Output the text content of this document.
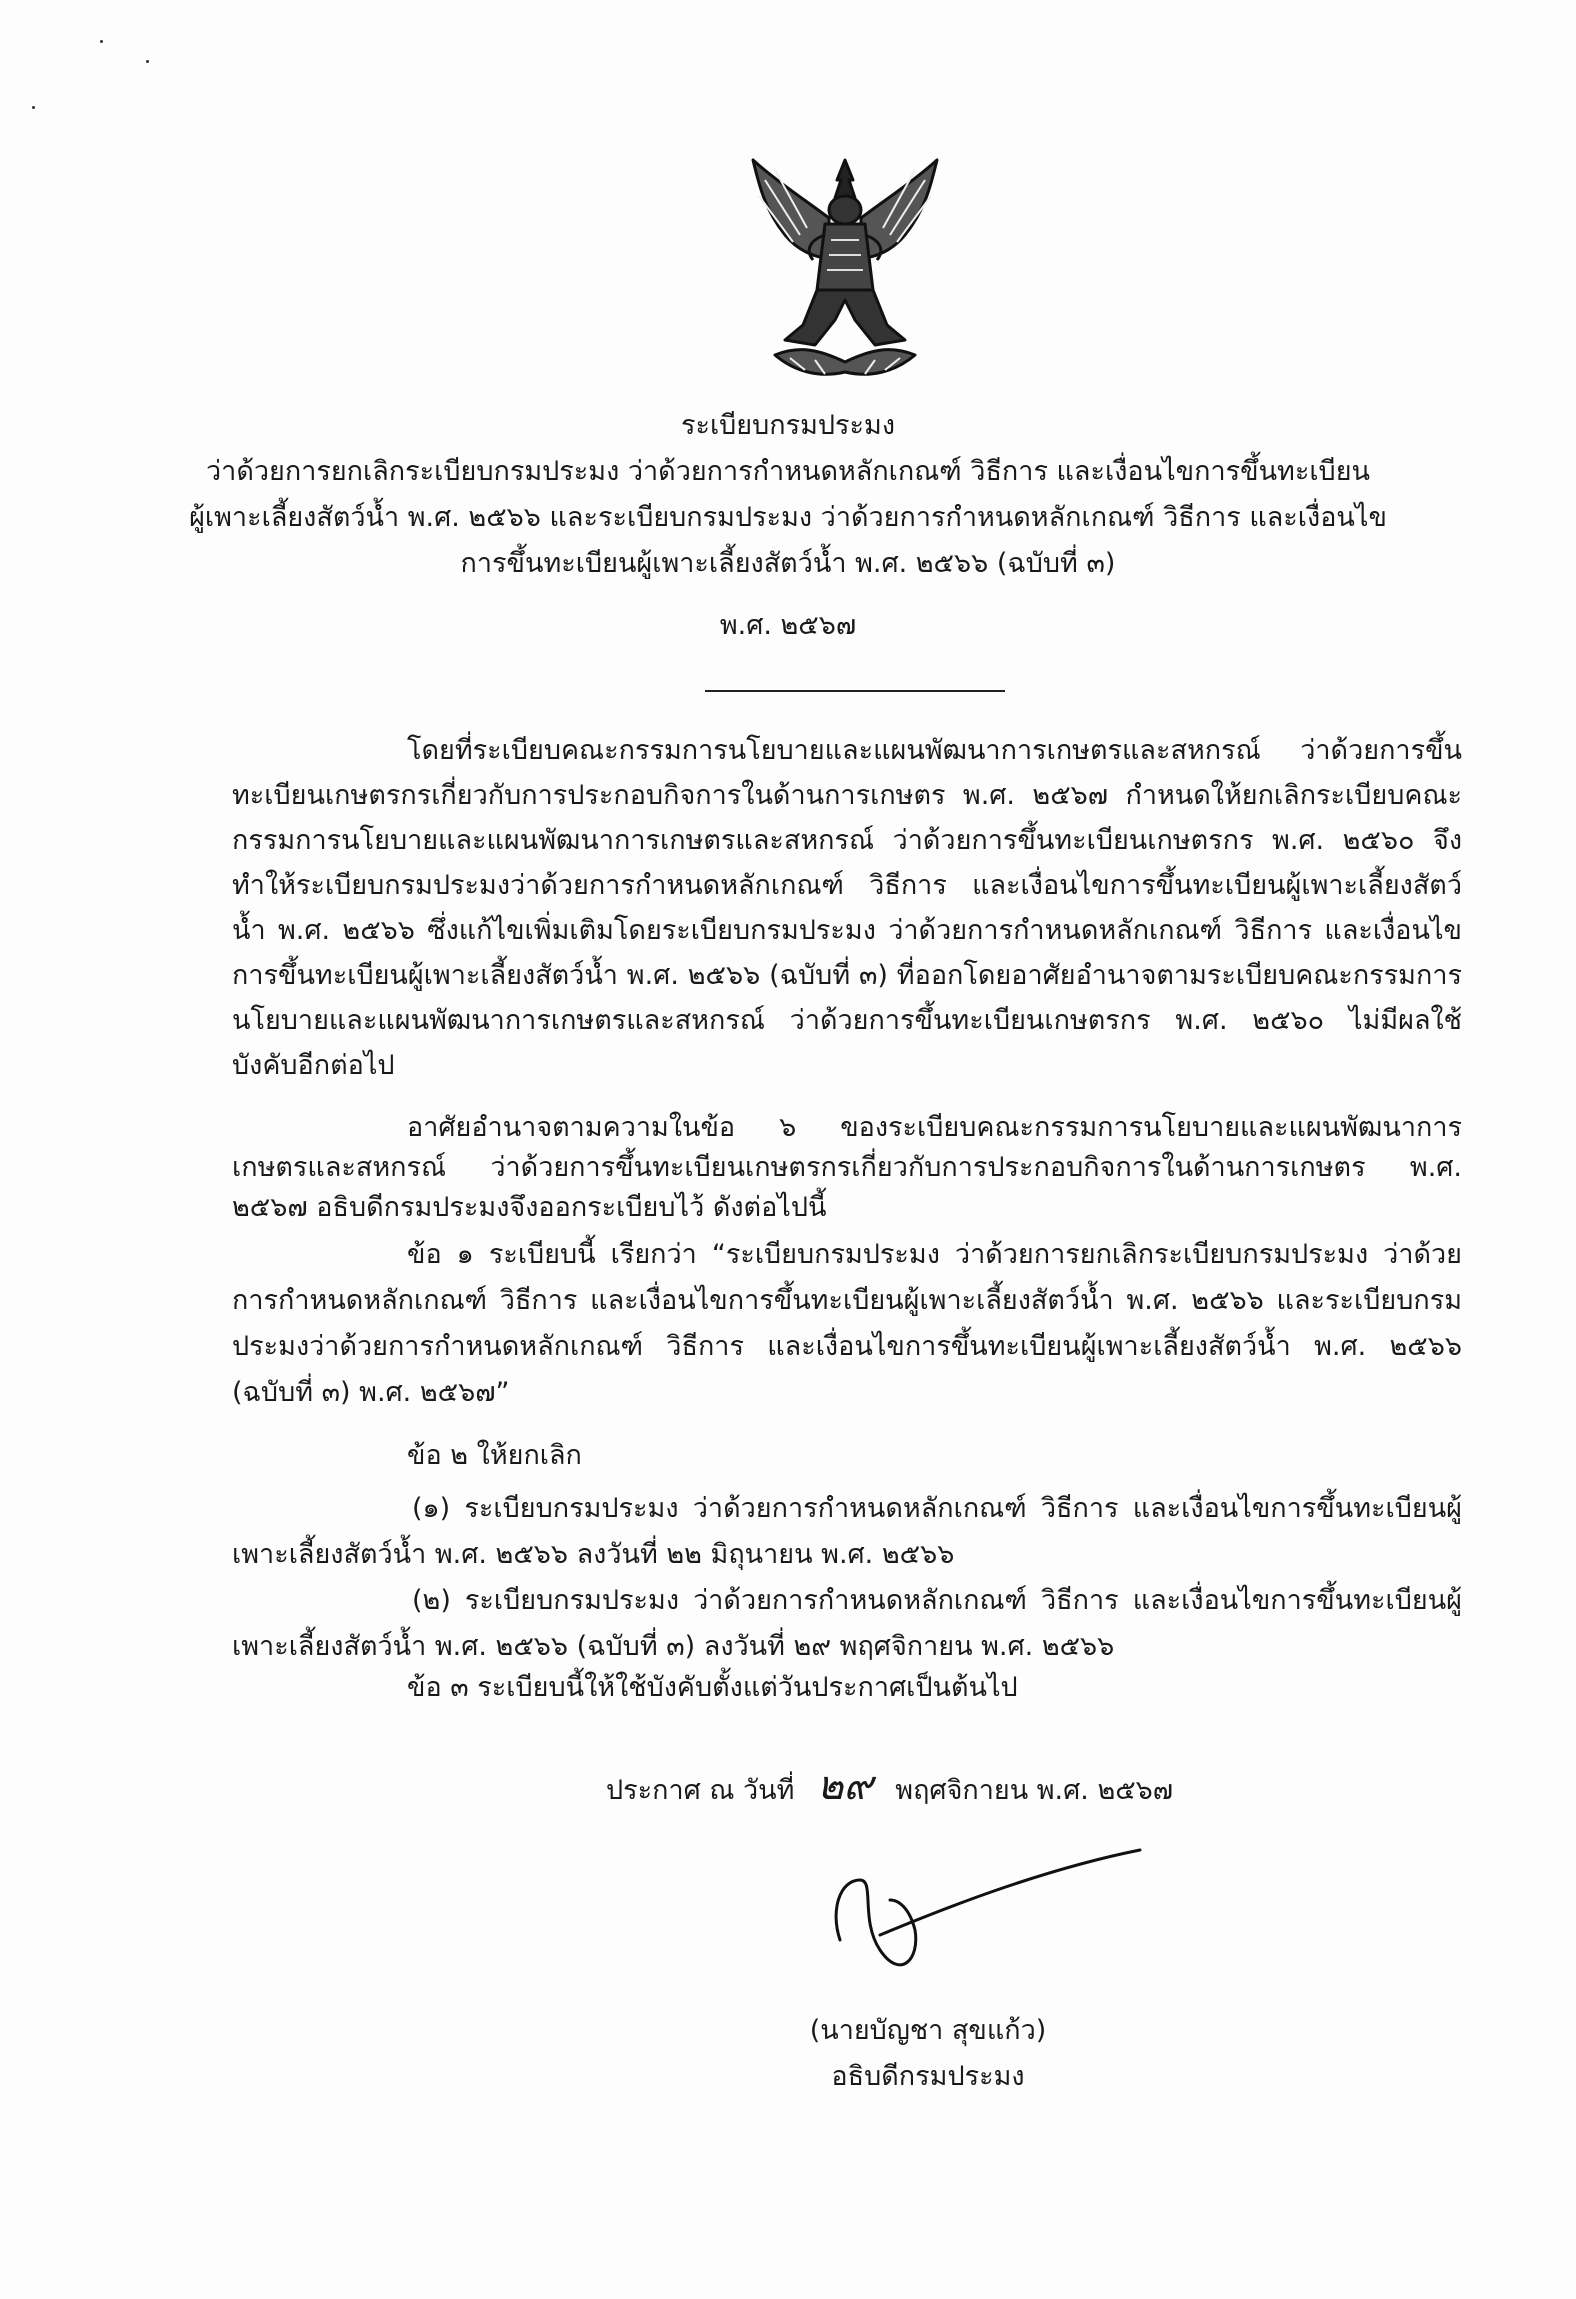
ระเบียบกรมประมง
ว่าด้วยการยกเลิกระเบียบกรมประมง ว่าด้วยการกำหนดหลักเกณฑ์ วิธีการ และเงื่อนไขการขึ้นทะเบียน
ผู้เพาะเลี้ยงสัตว์น้ำ พ.ศ. ๒๕๖๖ และระเบียบกรมประมง ว่าด้วยการกำหนดหลักเกณฑ์ วิธีการ และเงื่อนไข
การขึ้นทะเบียนผู้เพาะเลี้ยงสัตว์น้ำ พ.ศ. ๒๕๖๖ (ฉบับที่ ๓)
พ.ศ. ๒๕๖๗
โดยที่ระเบียบคณะกรรมการนโยบายและแผนพัฒนาการเกษตรและสหกรณ์ ว่าด้วยการขึ้นทะเบียนเกษตรกรเกี่ยวกับการประกอบกิจการในด้านการเกษตร พ.ศ. ๒๕๖๗ กำหนดให้ยกเลิกระเบียบคณะกรรมการนโยบายและแผนพัฒนาการเกษตรและสหกรณ์ ว่าด้วยการขึ้นทะเบียนเกษตรกร พ.ศ. ๒๕๖๐ จึงทำให้ระเบียบกรมประมงว่าด้วยการกำหนดหลักเกณฑ์ วิธีการ และเงื่อนไขการขึ้นทะเบียนผู้เพาะเลี้ยงสัตว์น้ำ พ.ศ. ๒๕๖๖ ซึ่งแก้ไขเพิ่มเติมโดยระเบียบกรมประมง ว่าด้วยการกำหนดหลักเกณฑ์ วิธีการ และเงื่อนไขการขึ้นทะเบียนผู้เพาะเลี้ยงสัตว์น้ำ พ.ศ. ๒๕๖๖ (ฉบับที่ ๓) ที่ออกโดยอาศัยอำนาจตามระเบียบคณะกรรมการนโยบายและแผนพัฒนาการเกษตรและสหกรณ์ ว่าด้วยการขึ้นทะเบียนเกษตรกร พ.ศ. ๒๕๖๐ ไม่มีผลใช้บังคับอีกต่อไป
อาศัยอำนาจตามความในข้อ ๖ ของระเบียบคณะกรรมการนโยบายและแผนพัฒนาการเกษตรและสหกรณ์ ว่าด้วยการขึ้นทะเบียนเกษตรกรเกี่ยวกับการประกอบกิจการในด้านการเกษตร พ.ศ. ๒๕๖๗ อธิบดีกรมประมงจึงออกระเบียบไว้ ดังต่อไปนี้
ข้อ ๑ ระเบียบนี้ เรียกว่า “ระเบียบกรมประมง ว่าด้วยการยกเลิกระเบียบกรมประมง ว่าด้วยการกำหนดหลักเกณฑ์ วิธีการ และเงื่อนไขการขึ้นทะเบียนผู้เพาะเลี้ยงสัตว์น้ำ พ.ศ. ๒๕๖๖ และระเบียบกรมประมงว่าด้วยการกำหนดหลักเกณฑ์ วิธีการ และเงื่อนไขการขึ้นทะเบียนผู้เพาะเลี้ยงสัตว์น้ำ พ.ศ. ๒๕๖๖ (ฉบับที่ ๓) พ.ศ. ๒๕๖๗”
ข้อ ๒ ให้ยกเลิก
(๑) ระเบียบกรมประมง ว่าด้วยการกำหนดหลักเกณฑ์ วิธีการ และเงื่อนไขการขึ้นทะเบียนผู้เพาะเลี้ยงสัตว์น้ำ พ.ศ. ๒๕๖๖ ลงวันที่ ๒๒ มิถุนายน พ.ศ. ๒๕๖๖
(๒) ระเบียบกรมประมง ว่าด้วยการกำหนดหลักเกณฑ์ วิธีการ และเงื่อนไขการขึ้นทะเบียนผู้เพาะเลี้ยงสัตว์น้ำ พ.ศ. ๒๕๖๖ (ฉบับที่ ๓) ลงวันที่ ๒๙ พฤศจิกายน พ.ศ. ๒๕๖๖
ข้อ ๓ ระเบียบนี้ให้ใช้บังคับตั้งแต่วันประกาศเป็นต้นไป
ประกาศ ณ วันที่ ๒๙ พฤศจิกายน พ.ศ. ๒๕๖๗
(นายบัญชา สุขแก้ว)
อธิบดีกรมประมง
